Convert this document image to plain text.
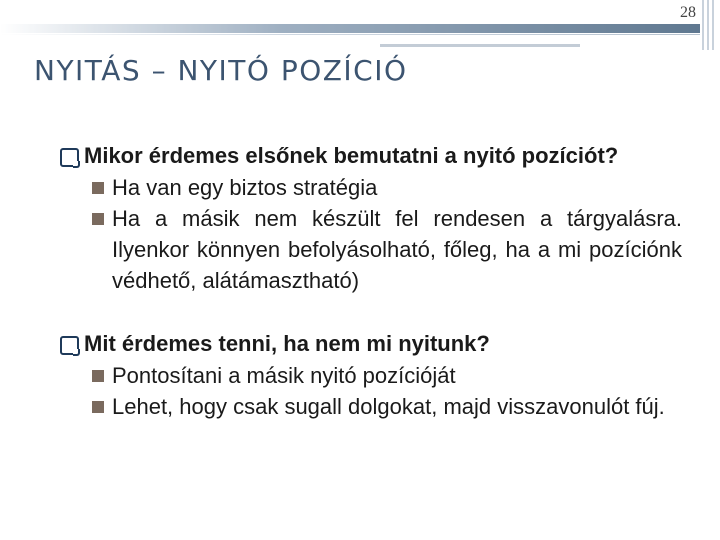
28
NYITÁS – NYITÓ POZÍCIÓ
Mikor érdemes elsőnek bemutatni a nyitó pozíciót?
Ha van egy biztos stratégia
Ha a másik nem készült fel rendesen a tárgyalásra. Ilyenkor könnyen befolyásolható, főleg, ha a mi pozíciónk védhető, alátámasztható)
Mit érdemes tenni, ha nem mi nyitunk?
Pontosítani a másik nyitó pozícióját
Lehet, hogy csak sugall dolgokat, majd visszavonulót fúj.
